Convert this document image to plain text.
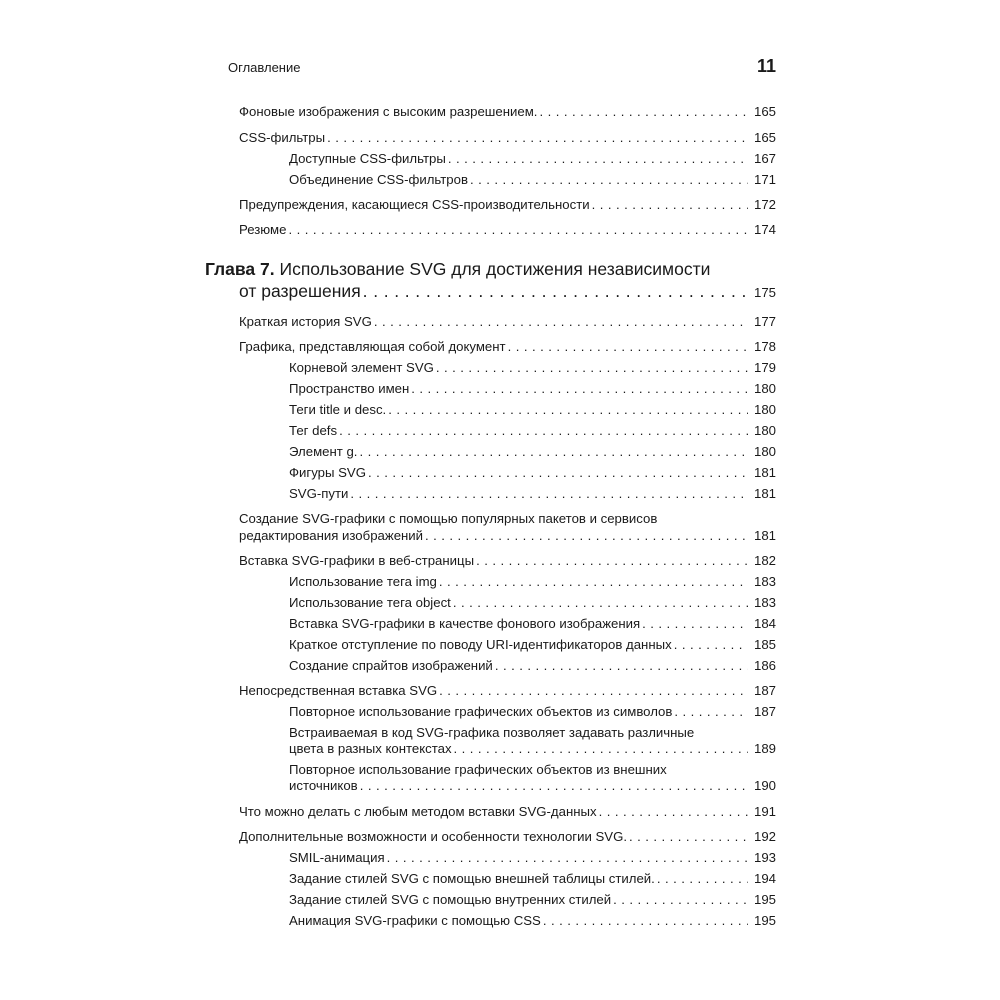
Оглавление	11
Фоновые изображения с высоким разрешением. . . .	165
CSS-фильтры . . .	165
Доступные CSS-фильтры . . .	167
Объединение CSS-фильтров . . .	171
Предупреждения, касающиеся CSS-производительности . . .	172
Резюме . . .	174
Глава 7. Использование SVG для достижения независимости
от разрешения . . .	175
Краткая история SVG . . .	177
Графика, представляющая собой документ . . .	178
Корневой элемент SVG . . .	179
Пространство имен . . .	180
Теги title и desc. . . .	180
Тег defs . . .	180
Элемент g. . . .	180
Фигуры SVG . . .	181
SVG-пути . . .	181
Создание SVG-графики с помощью популярных пакетов и сервисов
редактирования изображений . . .	181
Вставка SVG-графики в веб-страницы . . .	182
Использование тега img . . .	183
Использование тега object . . .	183
Вставка SVG-графики в качестве фонового изображения . . .	184
Краткое отступление по поводу URI-идентификаторов данных . . .	185
Создание спрайтов изображений . . .	186
Непосредственная вставка SVG . . .	187
Повторное использование графических объектов из символов . . .	187
Встраиваемая в код SVG-графика позволяет задавать различные
цвета в разных контекстах . . .	189
Повторное использование графических объектов из внешних
источников . . .	190
Что можно делать с любым методом вставки SVG-данных . . .	191
Дополнительные возможности и особенности технологии SVG. . . .	192
SMIL-анимация . . .	193
Задание стилей SVG с помощью внешней таблицы стилей. . . .	194
Задание стилей SVG с помощью внутренних стилей . . .	195
Анимация SVG-графики с помощью CSS . . .	195
